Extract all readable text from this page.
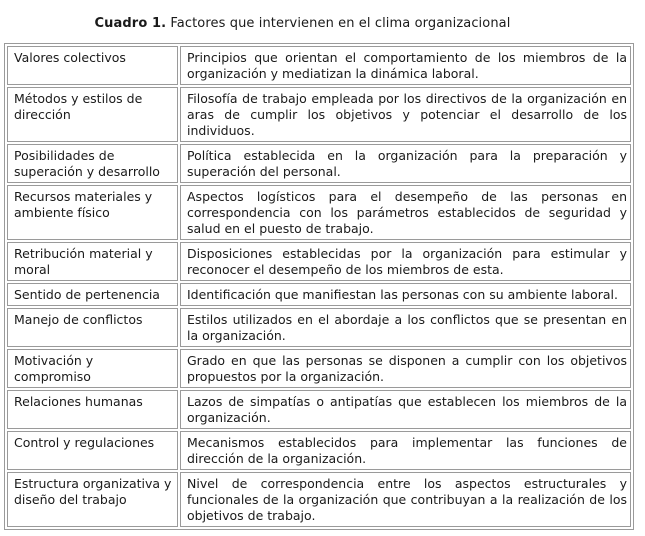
Cuadro 1. Factores que intervienen en el clima organizacional
Valores colectivos	Principios que orientan el comportamiento de los miembros de la organización y mediatizan la dinámica laboral.
Métodos y estilos de dirección	Filosofía de trabajo empleada por los directivos de la organización en aras de cumplir los objetivos y potenciar el desarrollo de los individuos.
Posibilidades de superación y desarrollo	Política establecida en la organización para la preparación y superación del personal.
Recursos materiales y ambiente físico	Aspectos logísticos para el desempeño de las personas en correspondencia con los parámetros establecidos de seguridad y salud en el puesto de trabajo.
Retribución material y moral	Disposiciones establecidas por la organización para estimular y reconocer el desempeño de los miembros de esta.
Sentido de pertenencia	Identificación que manifiestan las personas con su ambiente laboral.
Manejo de conflictos	Estilos utilizados en el abordaje a los conflictos que se presentan en la organización.
Motivación y compromiso	Grado en que las personas se disponen a cumplir con los objetivos propuestos por la organización.
Relaciones humanas	Lazos de simpatías o antipatías que establecen los miembros de la organización.
Control y regulaciones	Mecanismos establecidos para implementar las funciones de dirección de la organización.
Estructura organizativa y diseño del trabajo	Nivel de correspondencia entre los aspectos estructurales y funcionales de la organización que contribuyan a la realización de los objetivos de trabajo.
